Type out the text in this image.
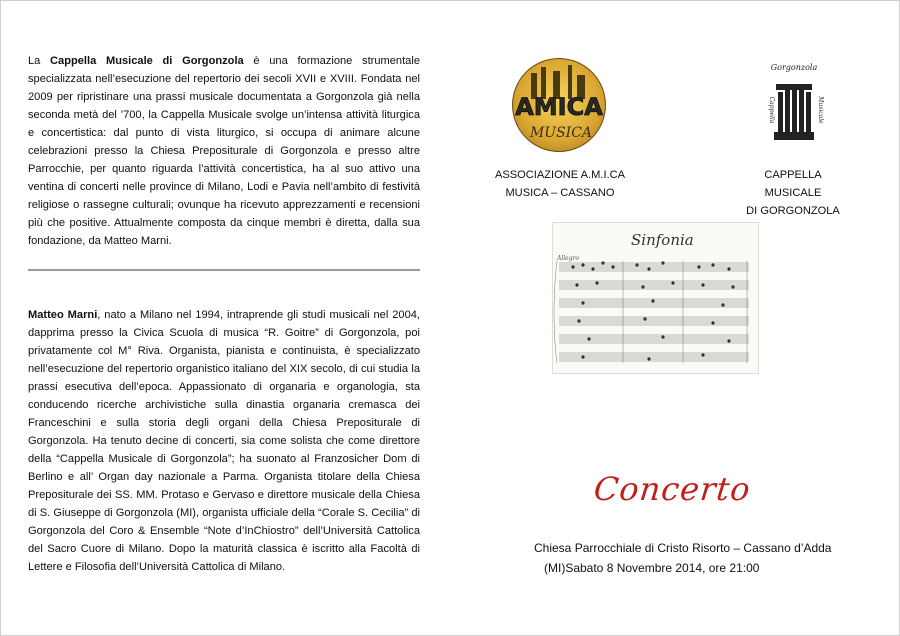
La Cappella Musicale di Gorgonzola è una formazione strumentale specializzata nell’esecuzione del repertorio dei secoli XVII e XVIII. Fondata nel 2009 per ripristinare una prassi musicale documentata a Gorgonzola già nella seconda metà del ’700, la Cappella Musicale svolge un’intensa attività liturgica e concertistica: dal punto di vista liturgico, si occupa di animare alcune celebrazioni presso la Chiesa Prepositurale di Gorgonzola e presso altre Parrocchie, per quanto riguarda l’attività concertistica, ha al suo attivo una ventina di concerti nelle province di Milano, Lodi e Pavia nell’ambito di festività religiose o rassegne culturali; ovunque ha ricevuto apprezzamenti e recensioni più che positive. Attualmente composta da cinque membri è diretta, dalla sua fondazione, da Matteo Marni.
Matteo Marni, nato a Milano nel 1994, intraprende gli studi musicali nel 2004, dapprima presso la Civica Scuola di musica “R. Goitre” di Gorgonzola, poi privatamente col M° Riva. Organista, pianista e continuista, è specializzato nell’esecuzione del repertorio organistico italiano del XIX secolo, di cui studia la prassi esecutiva dell’epoca. Appassionato di organaria e organologia, sta conducendo ricerche archivistiche sulla dinastia organaria cremasca dei Franceschini e sulla storia degli organi della Chiesa Prepositurale di Gorgonzola. Ha tenuto decine di concerti, sia come solista che come direttore della “Cappella Musicale di Gorgonzola”; ha suonato al Franzosicher Dom di Berlino e all’ Organ day nazionale a Parma. Organista titolare della Chiesa Prepositurale dei SS. MM. Protaso e Gervaso e direttore musicale della Chiesa di S. Giuseppe di Gorgonzola (MI), organista ufficiale della “Corale S. Cecilia” di Gorgonzola del Coro & Ensemble “Note d’InChiostro” dell’Università Cattolica del Sacro Cuore di Milano. Dopo la maturità classica è iscritto alla Facoltà di Lettere e Filosofia dell’Università Cattolica di Milano.
AMICA
MUSICA
Gorgonzola
Cappella	Musicale
ASSOCIAZIONE A.M.I.CA
MUSICA – CASSANO
CAPPELLA MUSICALE
DI GORGONZOLA
Sinfonia
Allegro
Concerto
Chiesa Parrocchiale di Cristo Risorto – Cassano d’Adda
(MI)Sabato 8 Novembre 2014, ore 21:00
